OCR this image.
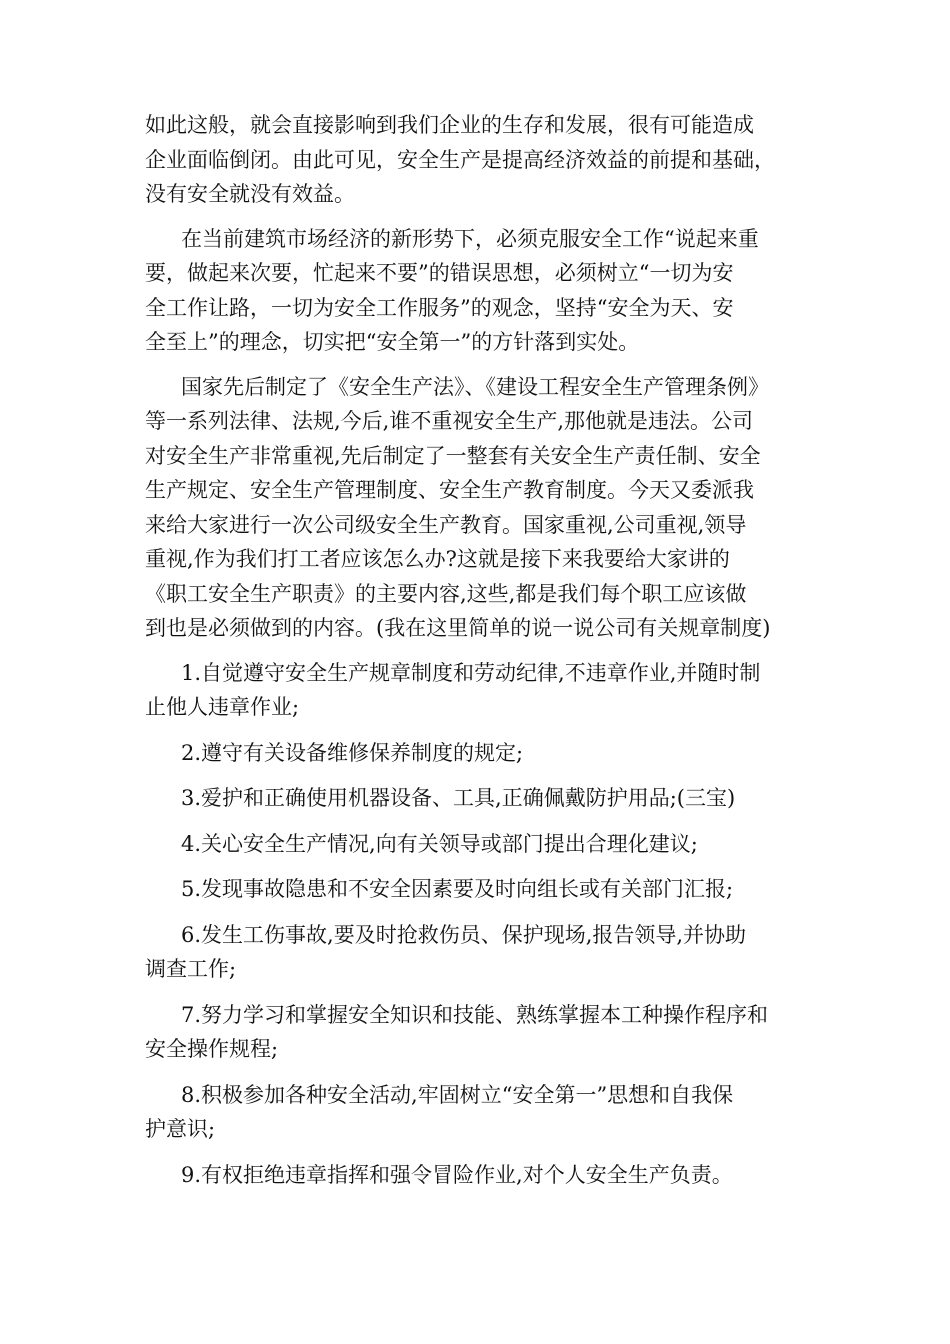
如此这般，就会直接影响到我们企业的生存和发展，很有可能造成
企业面临倒闭。由此可见，安全生产是提高经济效益的前提和基础，
没有安全就没有效益。
在当前建筑市场经济的新形势下，必须克服安全工作“说起来重
要，做起来次要，忙起来不要”的错误思想，必须树立“一切为安
全工作让路，一切为安全工作服务”的观念，坚持“安全为天、安
全至上”的理念，切实把“安全第一”的方针落到实处。
国家先后制定了《安全生产法》、《建设工程安全生产管理条例》
等一系列法律、法规,今后,谁不重视安全生产,那他就是违法。公司
对安全生产非常重视,先后制定了一整套有关安全生产责任制、安全
生产规定、安全生产管理制度、安全生产教育制度。今天又委派我
来给大家进行一次公司级安全生产教育。国家重视,公司重视,领导
重视,作为我们打工者应该怎么办?这就是接下来我要给大家讲的
《职工安全生产职责》的主要内容,这些,都是我们每个职工应该做
到也是必须做到的内容。(我在这里简单的说一说公司有关规章制度)
1.自觉遵守安全生产规章制度和劳动纪律,不违章作业,并随时制
止他人违章作业;
2.遵守有关设备维修保养制度的规定;
3.爱护和正确使用机器设备、工具,正确佩戴防护用品;(三宝)
4.关心安全生产情况,向有关领导或部门提出合理化建议;
5.发现事故隐患和不安全因素要及时向组长或有关部门汇报;
6.发生工伤事故,要及时抢救伤员、保护现场,报告领导,并协助
调查工作;
7.努力学习和掌握安全知识和技能、熟练掌握本工种操作程序和
安全操作规程;
8.积极参加各种安全活动,牢固树立“安全第一”思想和自我保
护意识;
9.有权拒绝违章指挥和强令冒险作业,对个人安全生产负责。
